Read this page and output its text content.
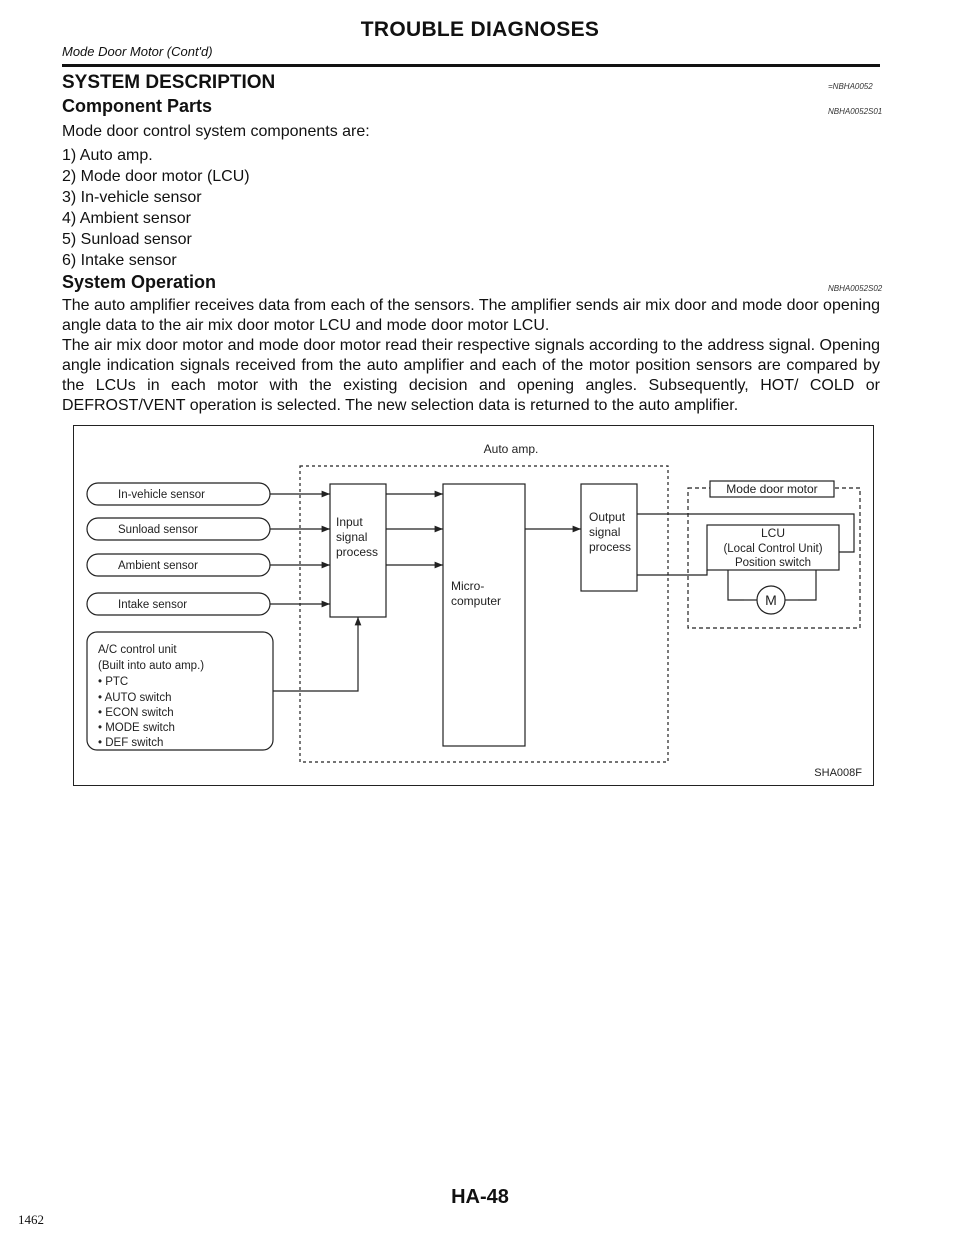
TROUBLE DIAGNOSES
Mode Door Motor (Cont'd)
SYSTEM DESCRIPTION	=NBHA0052
Component Parts	NBHA0052S01
Mode door control system components are:
1) Auto amp.
2) Mode door motor (LCU)
3) In-vehicle sensor
4) Ambient sensor
5) Sunload sensor
6) Intake sensor
System Operation	NBHA0052S02
The auto amplifier receives data from each of the sensors. The amplifier sends air mix door and mode door opening angle data to the air mix door motor LCU and mode door motor LCU.
The air mix door motor and mode door motor read their respective signals according to the address signal. Opening angle indication signals received from the auto amplifier and each of the motor position sensors are compared by the LCUs in each motor with the existing decision and opening angles. Subsequently, HOT/ COLD or DEFROST/VENT operation is selected. The new selection data is returned to the auto amplifier.
Auto amp.
In-vehicle sensor
Sunload sensor
Ambient sensor
Intake sensor
Input
signal
process
Micro-
computer
Output
signal
process
A/C control unit
(Built into auto amp.)
• PTC
• AUTO switch
• ECON switch
• MODE switch
• DEF switch
Mode door motor
LCU
(Local Control Unit)
Position switch
M
SHA008F
HA-48
1462
